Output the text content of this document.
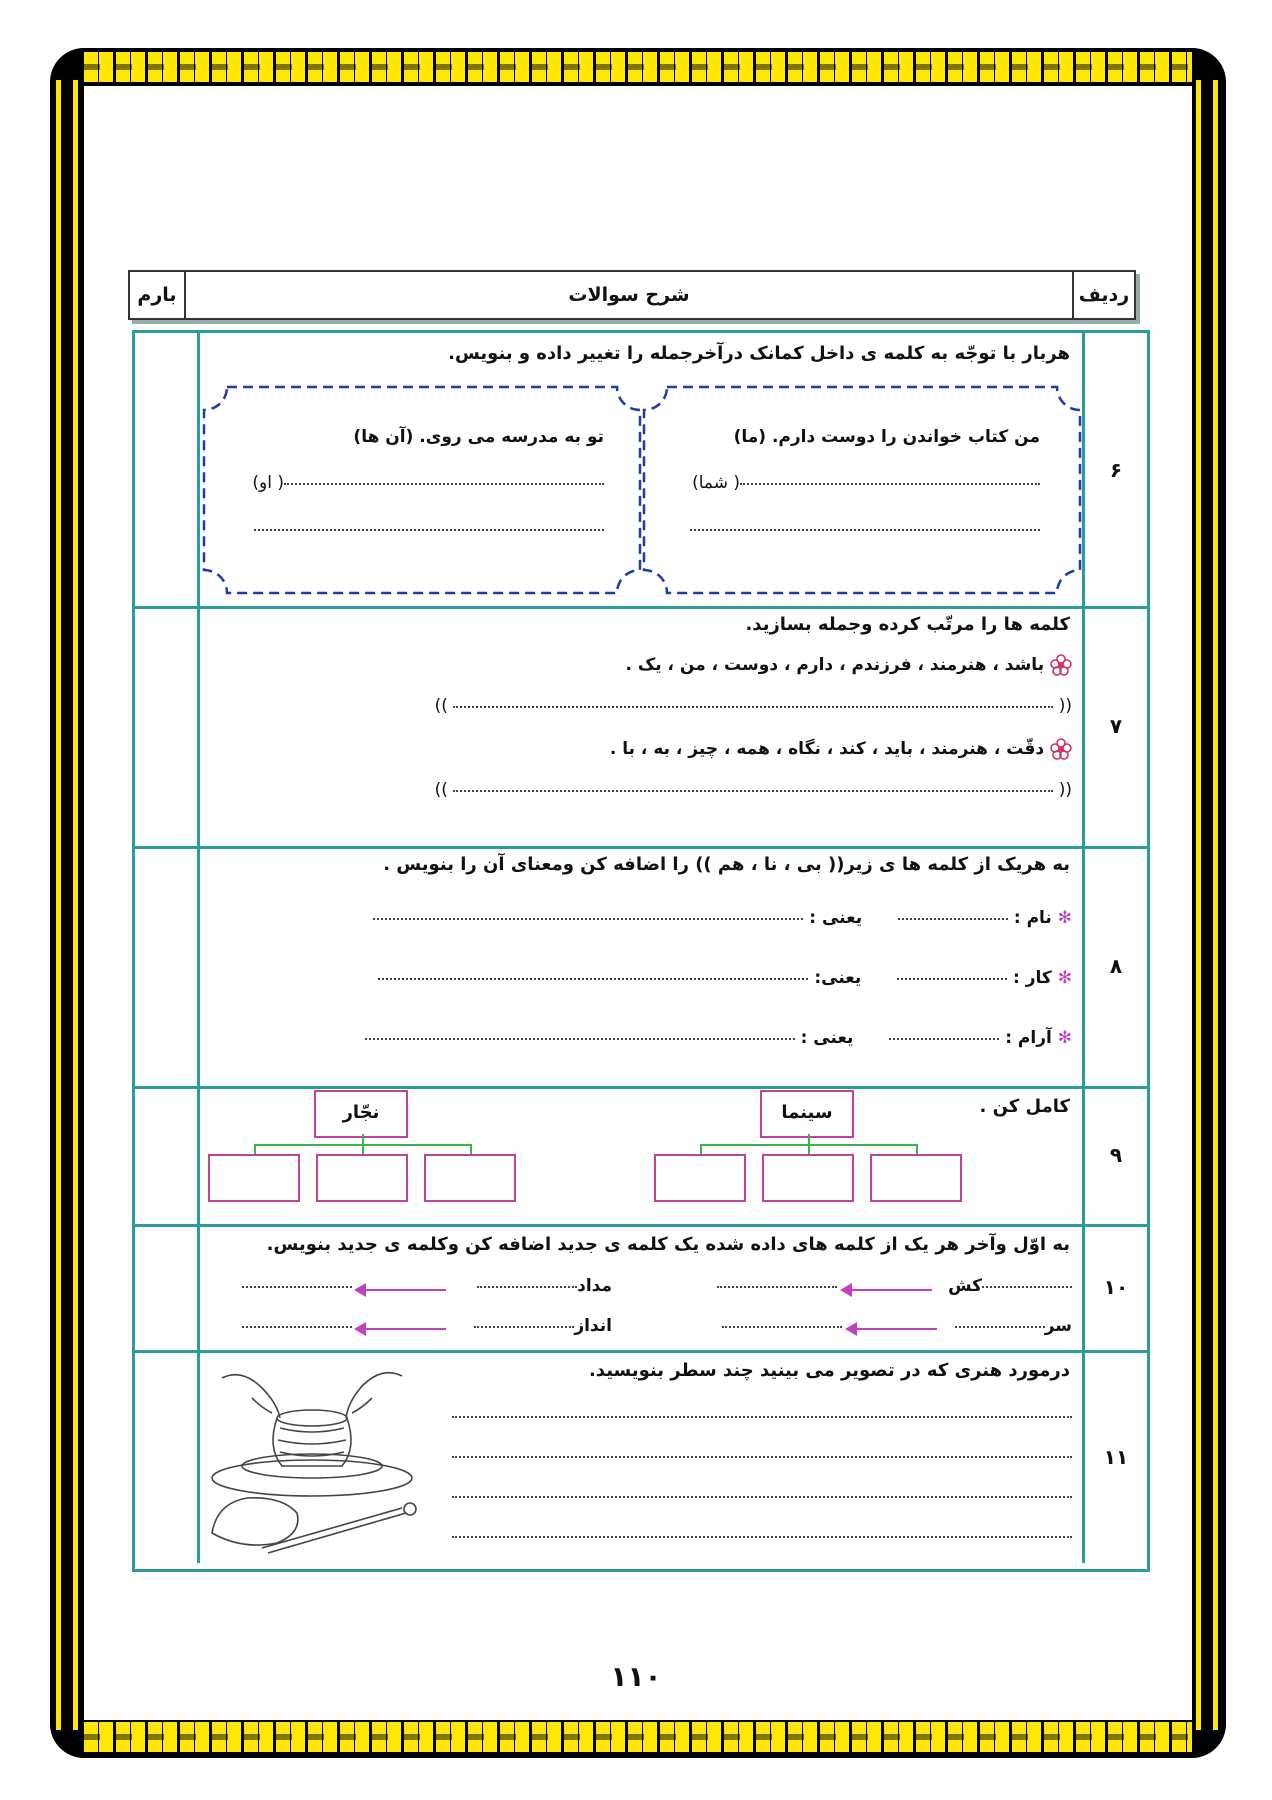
ردیف
شرح سوالات
بارم
۶
هربار با توجّه به کلمه ی داخل کمانک درآخرجمله را تغییر داده و بنویس.
من کتاب خواندن را دوست دارم. (ما)
( شما)
تو به مدرسه می روی. (آن ها)
( او)
۷
کلمه ها را مرتّب کرده وجمله بسازید.
باشد ، هنرمند ، فرزندم ، دارم ، دوست ، من ، یک .
((  ))
دقّت ، هنرمند ، باید ، کند ، نگاه ، همه ، چیز ، به ، با .
((  ))
۸
به هریک از کلمه ها ی زیر(( بی ، نا ، هم )) را اضافه کن ومعنای آن را بنویس .
✻ نام :   یعنی :
✻ کار :   یعنی:
✻ آرام :   یعنی :
۹
کامل کن .
سینما
نجّار
۱۰
به اوّل وآخر هر یک از کلمه های داده شده یک کلمه ی جدید اضافه کن وکلمه ی جدید بنویس.
کش
مداد
سر
انداز
۱۱
درمورد هنری که در تصویر می بینید چند سطر بنویسید.
۱۱۰
